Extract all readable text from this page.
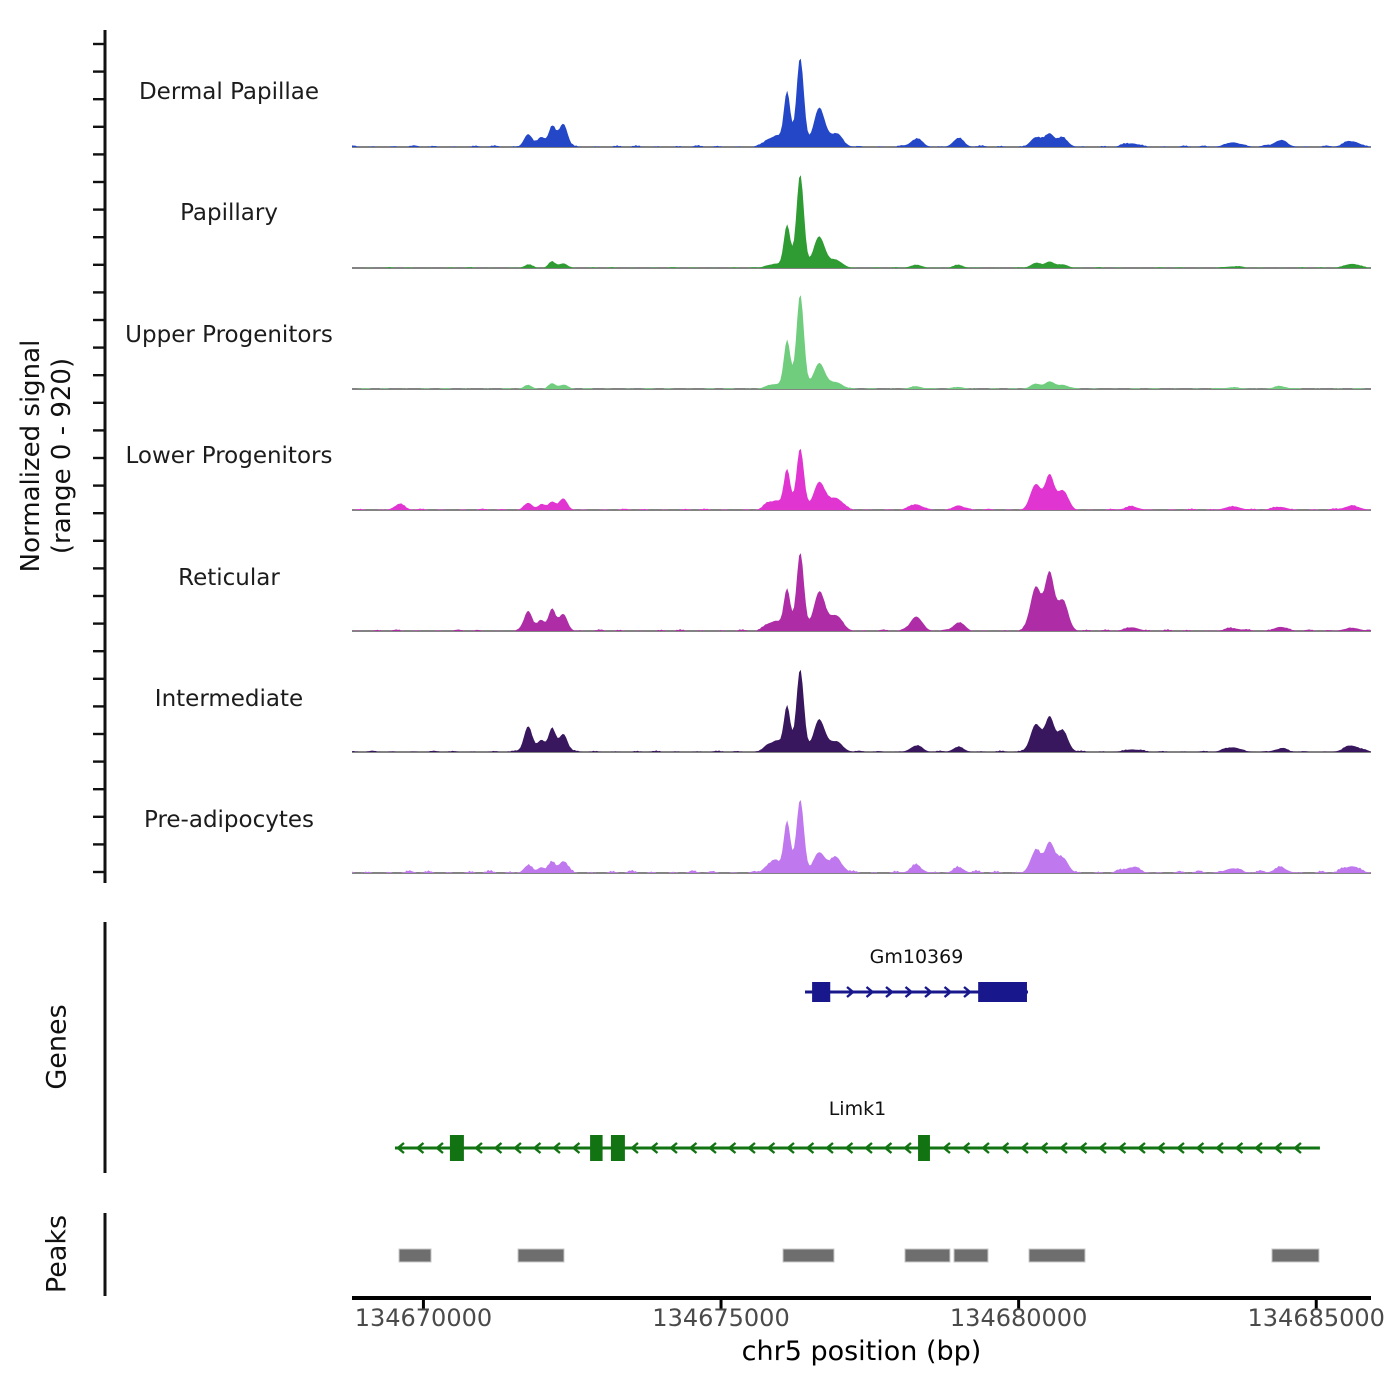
Normalized signal (range 0 - 920)
Dermal Papillae
Papillary
Upper Progenitors
Lower Progenitors
Reticular
Intermediate
Pre-adipocytes
Genes
Peaks
Gm10369
Limk1
134670000	134675000	134680000	134685000
chr5 position (bp)
